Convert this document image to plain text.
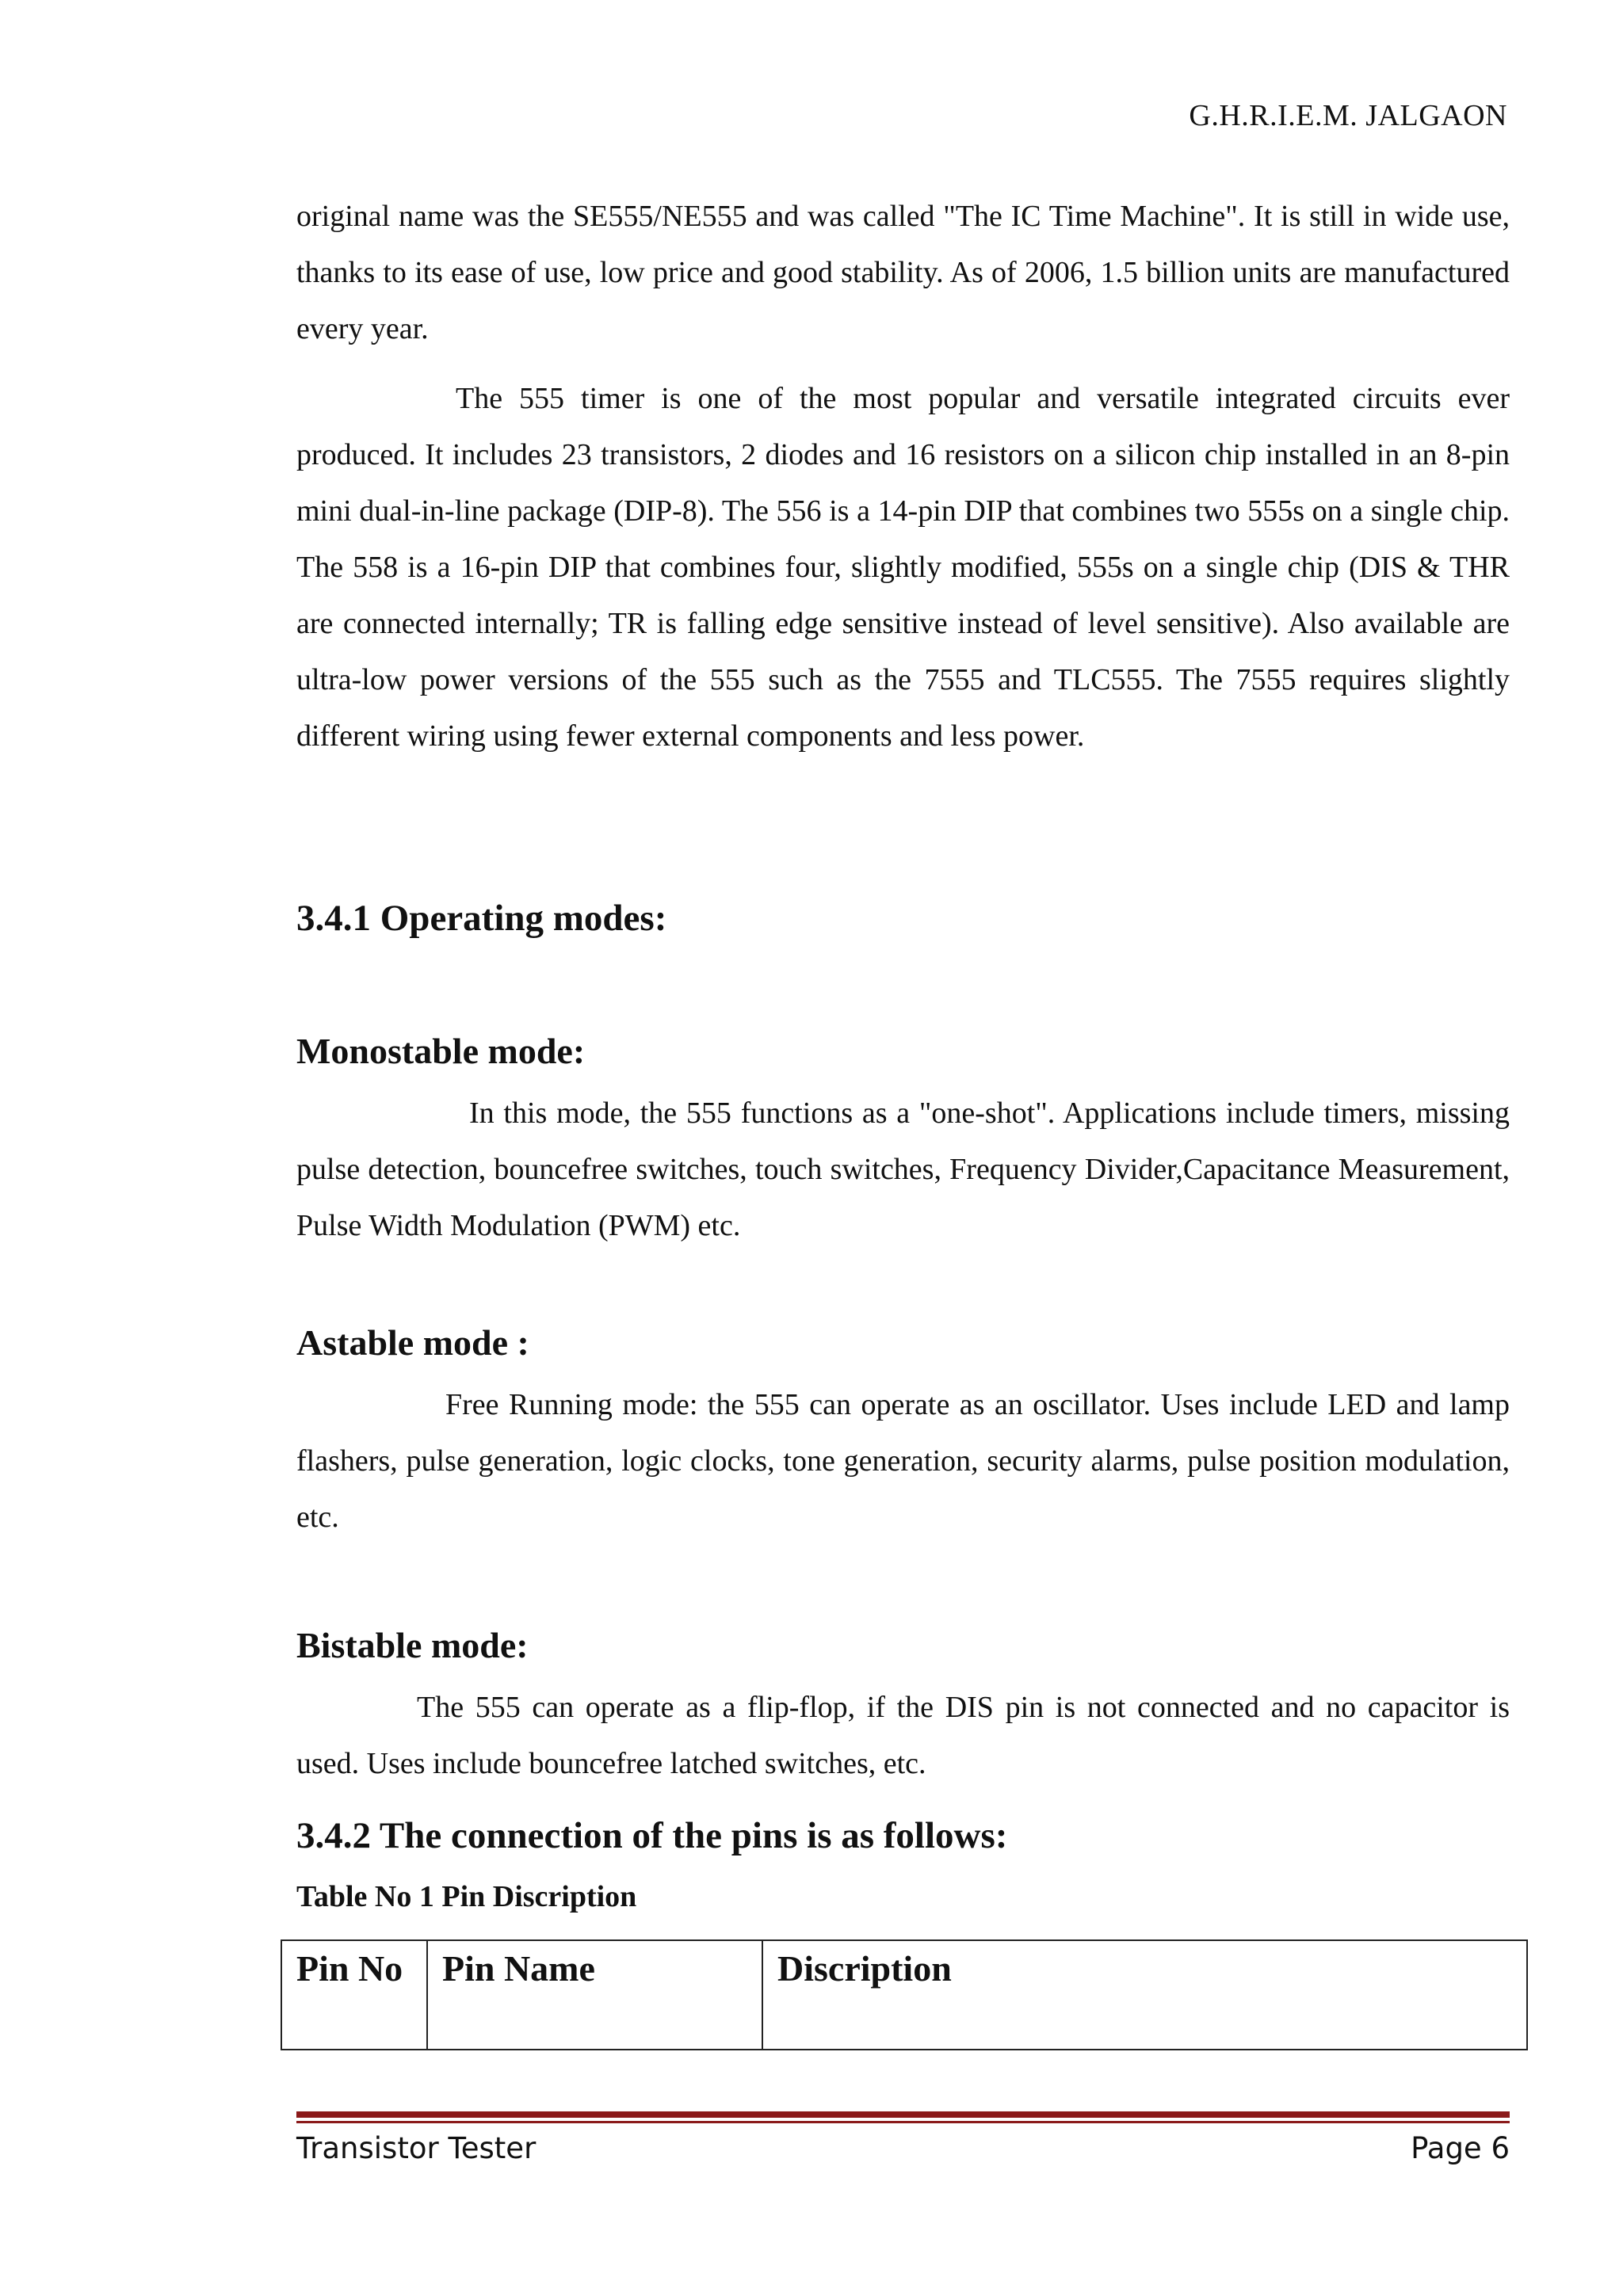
G.H.R.I.E.M. JALGAON

original name was the SE555/NE555 and was called "The IC Time Machine". It is still in wide use, thanks to its ease of use, low price and good stability. As of 2006, 1.5 billion units are manufactured every year.

The 555 timer is one of the most popular and versatile integrated circuits ever produced. It includes 23 transistors, 2 diodes and 16 resistors on a silicon chip installed in an 8-pin mini dual-in-line package (DIP-8). The 556 is a 14-pin DIP that combines two 555s on a single chip. The 558 is a 16-pin DIP that combines four, slightly modified, 555s on a single chip (DIS & THR are connected internally; TR is falling edge sensitive instead of level sensitive). Also available are ultra-low power versions of the 555 such as the 7555 and TLC555. The 7555 requires slightly different wiring using fewer external components and less power.

3.4.1 Operating modes:
Monostable mode:

In this mode, the 555 functions as a "one-shot". Applications include timers, missing pulse detection, bouncefree switches, touch switches, Frequency Divider,Capacitance Measurement, Pulse Width Modulation (PWM) etc.

Astable mode :

Free Running mode: the 555 can operate as an oscillator. Uses include LED and lamp flashers, pulse generation, logic clocks, tone generation, security alarms, pulse position modulation, etc.

Bistable mode:

The 555 can operate as a flip-flop, if the DIS pin is not connected and no capacitor is used. Uses include bouncefree latched switches, etc.

3.4.2 The connection of the pins is as follows:

Table No 1 Pin Discription

Pin No	Pin Name	Discription
Transistor Tester	Page 6
